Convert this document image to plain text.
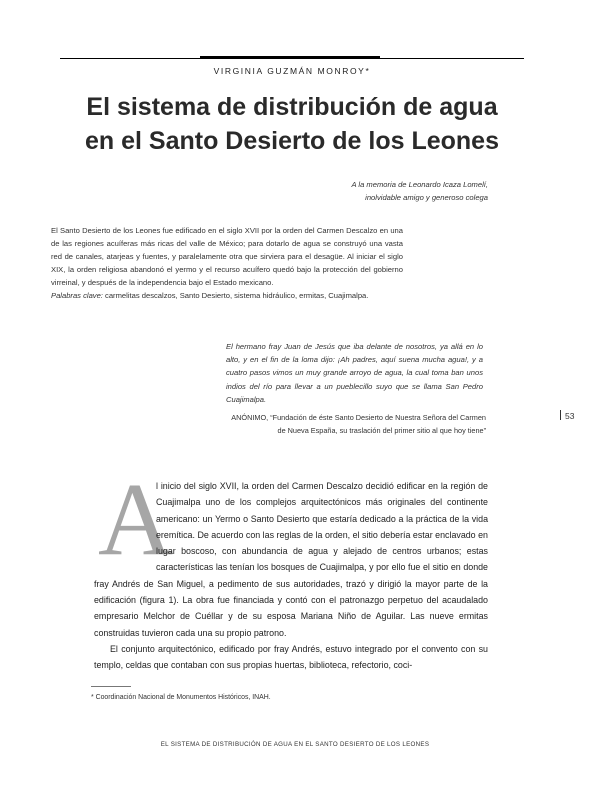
VIRGINIA GUZMÁN MONROY*
El sistema de distribución de agua
en el Santo Desierto de los Leones
A la memoria de Leonardo Icaza Lomelí,
inolvidable amigo y generoso colega

El Santo Desierto de los Leones fue edificado en el siglo XVII por la orden del Carmen Descalzo en una de las regiones acuíferas más ricas del valle de México; para dotarlo de agua se construyó una vasta red de canales, atarjeas y fuentes, y paralelamente otra que sirviera para el desagüe. Al iniciar el siglo XIX, la orden religiosa abandonó el yermo y el recurso acuífero quedó bajo la protección del gobierno virreinal, y después de la independencia bajo el Estado mexicano.

Palabras clave: carmelitas descalzos, Santo Desierto, sistema hidráulico, ermitas, Cuajimalpa.

El hermano fray Juan de Jesús que iba delante de nosotros, ya allá en lo alto, y en el fin de la loma dijo: ¡Ah padres, aquí suena mucha agua!, y a cuatro pasos vimos un muy grande arroyo de agua, la cual toma ban unos indios del río para llevar a un pueblecillo suyo que se llama San Pedro Cuajimalpa.
ANÓNIMO, “Fundación de éste Santo Desierto de Nuestra Señora del Carmen de Nueva España, su traslación del primer sitio al que hoy tiene”
53
A

l inicio del siglo XVII, la orden del Carmen Descalzo decidió edificar en la región de Cuajimalpa uno de los complejos arquitectónicos más originales del continente americano: un Yermo o Santo Desierto que estaría dedicado a la práctica de la vida eremítica. De acuerdo con las reglas de la orden, el sitio debería estar enclavado en lugar boscoso, con abundancia de agua y alejado de centros urbanos; estas características las tenían los bosques de Cuajimalpa, y por ello fue el sitio en donde fray Andrés de San Miguel, a pedimento de sus autoridades, trazó y dirigió la mayor parte de la edificación (figura 1). La obra fue financiada y contó con el patronazgo perpetuo del acaudalado empresario Melchor de Cuéllar y de su esposa Mariana Niño de Aguilar. Las nueve ermitas construidas tuvieron cada una su propio patrono.

El conjunto arquitectónico, edificado por fray Andrés, estuvo integrado por el convento con su templo, celdas que contaban con sus propias huertas, biblioteca, refectorio, coci-

* Coordinación Nacional de Monumentos Históricos, INAH.
EL SISTEMA DE DISTRIBUCIÓN DE AGUA EN EL SANTO DESIERTO DE LOS LEONES
